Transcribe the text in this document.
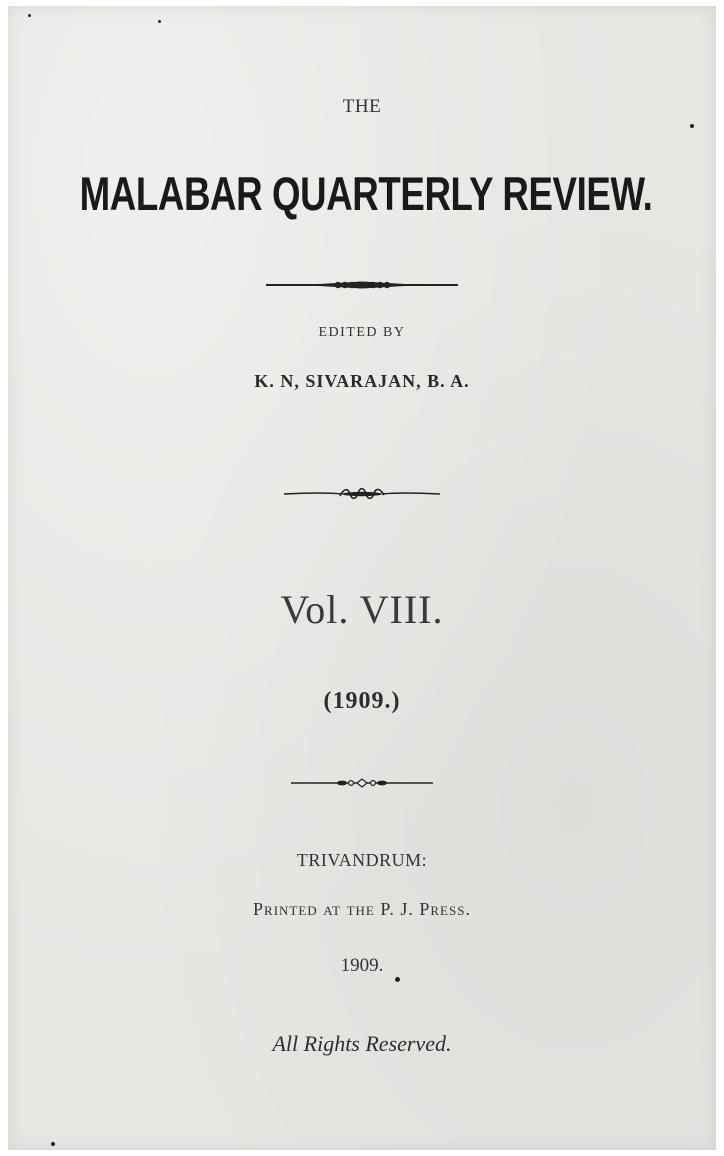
THE
MALABAR QUARTERLY REVIEW.
EDITED BY
K. N, SIVARAJAN, B. A.
Vol. VIII.
(1909.)
TRIVANDRUM:
Printed at the P. J. Press.
1909.
All Rights Reserved.
